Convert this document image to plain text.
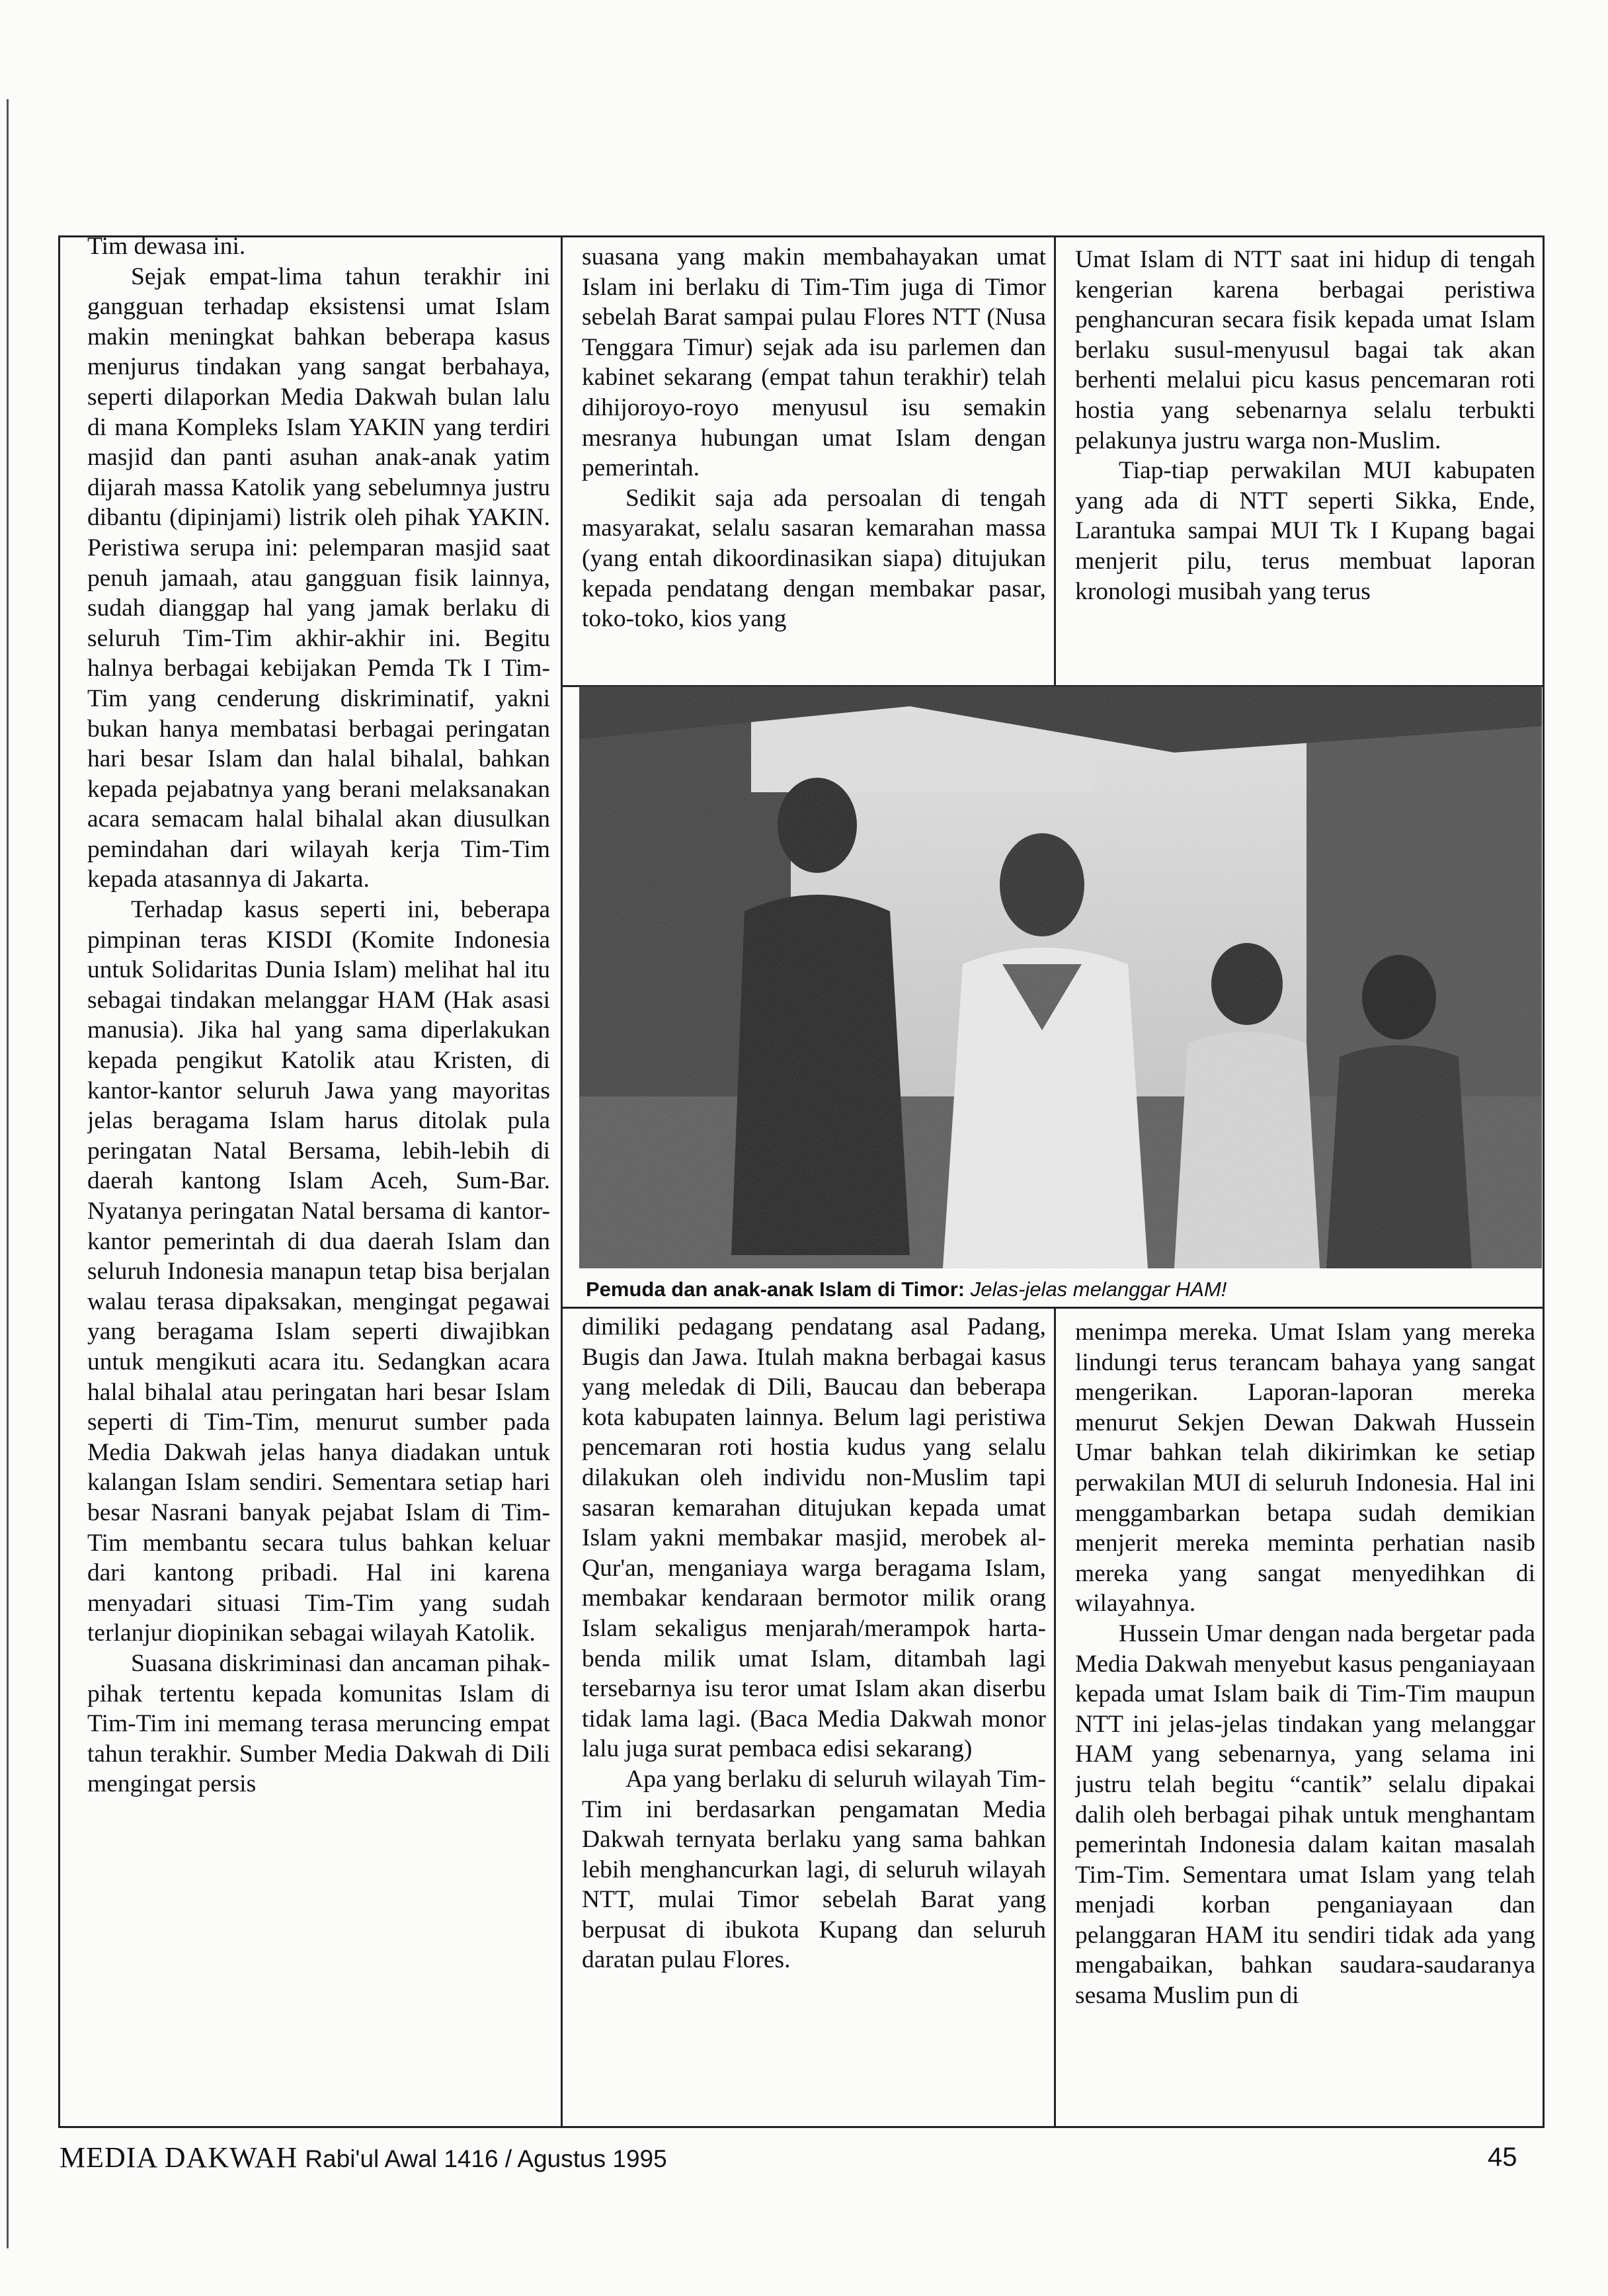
Tim dewasa ini.

Sejak empat-lima tahun terakhir ini gangguan terhadap eksistensi umat Islam makin meningkat bahkan beberapa kasus menjurus tindakan yang sangat berbahaya, seperti dilaporkan Media Dakwah bulan lalu di mana Kompleks Islam YAKIN yang terdiri masjid dan panti asuhan anak-anak yatim dijarah massa Katolik yang sebelumnya justru dibantu (dipinjami) listrik oleh pihak YAKIN. Peristiwa serupa ini: pelemparan masjid saat penuh jamaah, atau gangguan fisik lainnya, sudah dianggap hal yang jamak berlaku di seluruh Tim-Tim akhir-akhir ini. Begitu halnya berbagai kebijakan Pemda Tk I Tim-Tim yang cenderung diskriminatif, yakni bukan hanya membatasi berbagai peringatan hari besar Islam dan halal bihalal, bahkan kepada pejabatnya yang berani melaksanakan acara semacam halal bihalal akan diusulkan pemindahan dari wilayah kerja Tim-Tim kepada atasannya di Jakarta.

Terhadap kasus seperti ini, beberapa pimpinan teras KISDI (Komite Indonesia untuk Solidaritas Dunia Islam) melihat hal itu sebagai tindakan melanggar HAM (Hak asasi manusia). Jika hal yang sama diperlakukan kepada pengikut Katolik atau Kristen, di kantor-kantor seluruh Jawa yang mayoritas jelas beragama Islam harus ditolak pula peringatan Natal Bersama, lebih-lebih di daerah kantong Islam Aceh, Sum-Bar. Nyatanya peringatan Natal bersama di kantor-kantor pemerintah di dua daerah Islam dan seluruh Indonesia manapun tetap bisa berjalan walau terasa dipaksakan, mengingat pegawai yang beragama Islam seperti diwajibkan untuk mengikuti acara itu. Sedangkan acara halal bihalal atau peringatan hari besar Islam seperti di Tim-Tim, menurut sumber pada Media Dakwah jelas hanya diadakan untuk kalangan Islam sendiri. Sementara setiap hari besar Nasrani banyak pejabat Islam di Tim-Tim membantu secara tulus bahkan keluar dari kantong pribadi. Hal ini karena menyadari situasi Tim-Tim yang sudah terlanjur diopinikan sebagai wilayah Katolik.

Suasana diskriminasi dan ancaman pihak-pihak tertentu kepada komunitas Islam di Tim-Tim ini memang terasa meruncing empat tahun terakhir. Sumber Media Dakwah di Dili mengingat persis

suasana yang makin membahayakan umat Islam ini berlaku di Tim-Tim juga di Timor sebelah Barat sampai pulau Flores NTT (Nusa Tenggara Timur) sejak ada isu parlemen dan kabinet sekarang (empat tahun terakhir) telah dihijoroyo-royo menyusul isu semakin mesranya hubungan umat Islam dengan pemerintah.

Sedikit saja ada persoalan di tengah masyarakat, selalu sasaran kemarahan massa (yang entah dikoordinasikan siapa) ditujukan kepada pendatang dengan membakar pasar, toko-toko, kios yang

Umat Islam di NTT saat ini hidup di tengah kengerian karena berbagai peristiwa penghancuran secara fisik kepada umat Islam berlaku susul-menyusul bagai tak akan berhenti melalui picu kasus pencemaran roti hostia yang sebenarnya selalu terbukti pelakunya justru warga non-Muslim.

Tiap-tiap perwakilan MUI kabupaten yang ada di NTT seperti Sikka, Ende, Larantuka sampai MUI Tk I Kupang bagai menjerit pilu, terus membuat laporan kronologi musibah yang terus

Pemuda dan anak-anak Islam di Timor: Jelas-jelas melanggar HAM!

dimiliki pedagang pendatang asal Padang, Bugis dan Jawa. Itulah makna berbagai kasus yang meledak di Dili, Baucau dan beberapa kota kabupaten lainnya. Belum lagi peristiwa pencemaran roti hostia kudus yang selalu dilakukan oleh individu non-Muslim tapi sasaran kemarahan ditujukan kepada umat Islam yakni membakar masjid, merobek al-Qur'an, menganiaya warga beragama Islam, membakar kendaraan bermotor milik orang Islam sekaligus menjarah/merampok harta-benda milik umat Islam, ditambah lagi tersebarnya isu teror umat Islam akan diserbu tidak lama lagi. (Baca Media Dakwah monor lalu juga surat pembaca edisi sekarang)

Apa yang berlaku di seluruh wilayah Tim-Tim ini berdasarkan pengamatan Media Dakwah ternyata berlaku yang sama bahkan lebih menghancurkan lagi, di seluruh wilayah NTT, mulai Timor sebelah Barat yang berpusat di ibukota Kupang dan seluruh daratan pulau Flores.

menimpa mereka. Umat Islam yang mereka lindungi terus terancam bahaya yang sangat mengerikan. Laporan-laporan mereka menurut Sekjen Dewan Dakwah Hussein Umar bahkan telah dikirimkan ke setiap perwakilan MUI di seluruh Indonesia. Hal ini menggambarkan betapa sudah demikian menjerit mereka meminta perhatian nasib mereka yang sangat menyedihkan di wilayahnya.

Hussein Umar dengan nada bergetar pada Media Dakwah menyebut kasus penganiayaan kepada umat Islam baik di Tim-Tim maupun NTT ini jelas-jelas tindakan yang melanggar HAM yang sebenarnya, yang selama ini justru telah begitu “cantik” selalu dipakai dalih oleh berbagai pihak untuk menghantam pemerintah Indonesia dalam kaitan masalah Tim-Tim. Sementara umat Islam yang telah menjadi korban penganiayaan dan pelanggaran HAM itu sendiri tidak ada yang mengabaikan, bahkan saudara-saudaranya sesama Muslim pun di

MEDIA DAKWAH Rabi'ul Awal 1416 / Agustus 1995	45
